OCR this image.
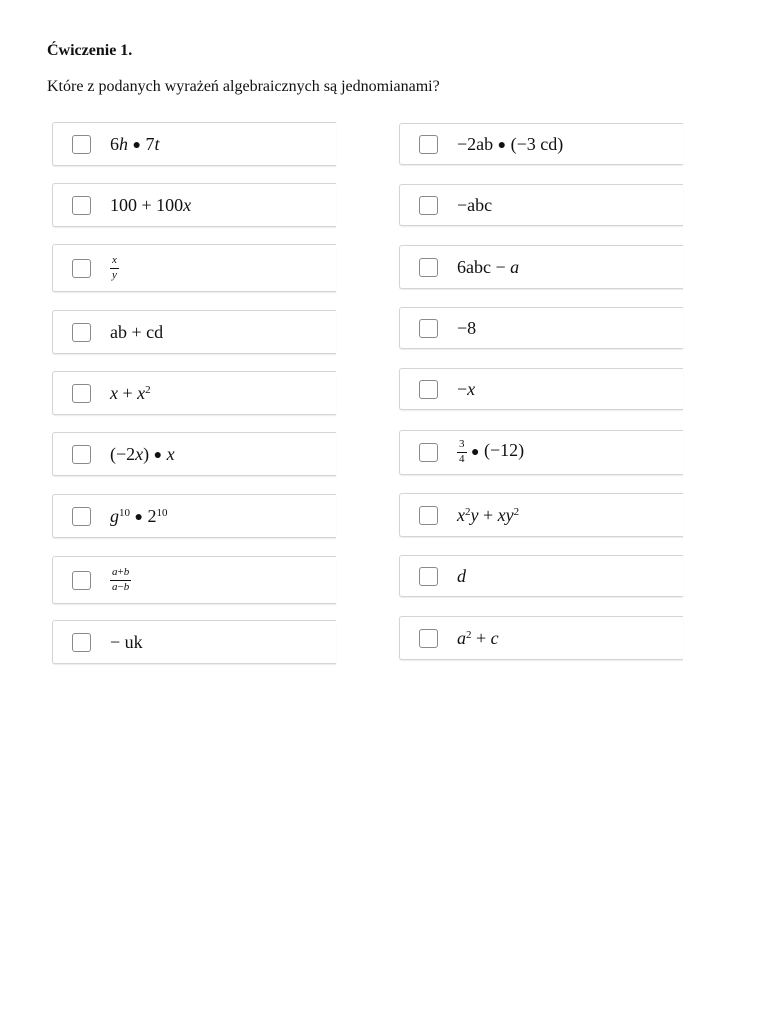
Ćwiczenie 1.

Które z podanych wyrażeń algebraicznych są jednomianami?

6h ● 7t
100 + 100x
$\frac{x}{y}$
ab + cd
$x + x^2$
(−2x) ● x
$g^{10}$ ● $2^{10}$
$\frac{a+b}{a-b}$
− uk
−2ab ● (−3 cd)
−abc
6abc − a
−8
−x
$\frac{3}{4}$ ● (−12)
$x^2y + xy^2$
d
$a^2 + c$
